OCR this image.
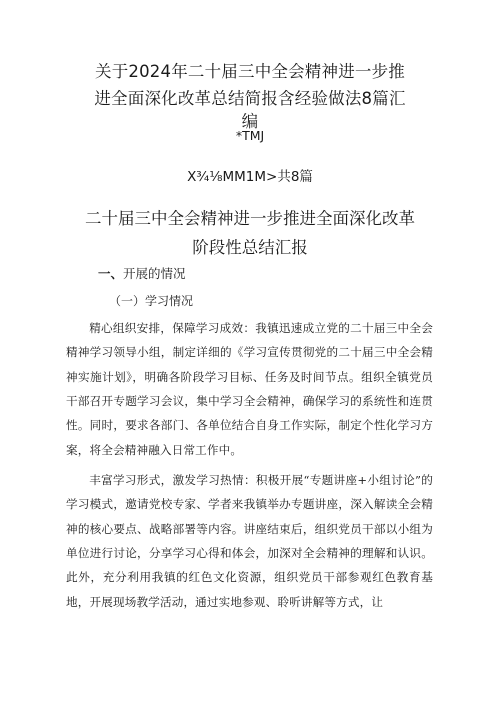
关于2024年二十届三中全会精神进一步推
进全面深化改革总结简报含经验做法8篇汇
编
*TMJ
X¾⅛MM1M>共8篇
二十届三中全会精神进一步推进全面深化改革
阶段性总结汇报
一、开展的情况
（一）学习情况

精心组织安排，保障学习成效：我镇迅速成立党的二十届三中全会精神学习领导小组，制定详细的《学习宣传贯彻党的二十届三中全会精神实施计划》，明确各阶段学习目标、任务及时间节点。组织全镇党员干部召开专题学习会议，集中学习全会精神，确保学习的系统性和连贯性。同时，要求各部门、各单位结合自身工作实际，制定个性化学习方案，将全会精神融入日常工作中。

丰富学习形式，激发学习热情：积极开展“专题讲座+小组讨论”的学习模式，邀请党校专家、学者来我镇举办专题讲座，深入解读全会精神的核心要点、战略部署等内容。讲座结束后，组织党员干部以小组为单位进行讨论，分享学习心得和体会，加深对全会精神的理解和认识。此外，充分利用我镇的红色文化资源，组织党员干部参观红色教育基地，开展现场教学活动，通过实地参观、聆听讲解等方式，让
